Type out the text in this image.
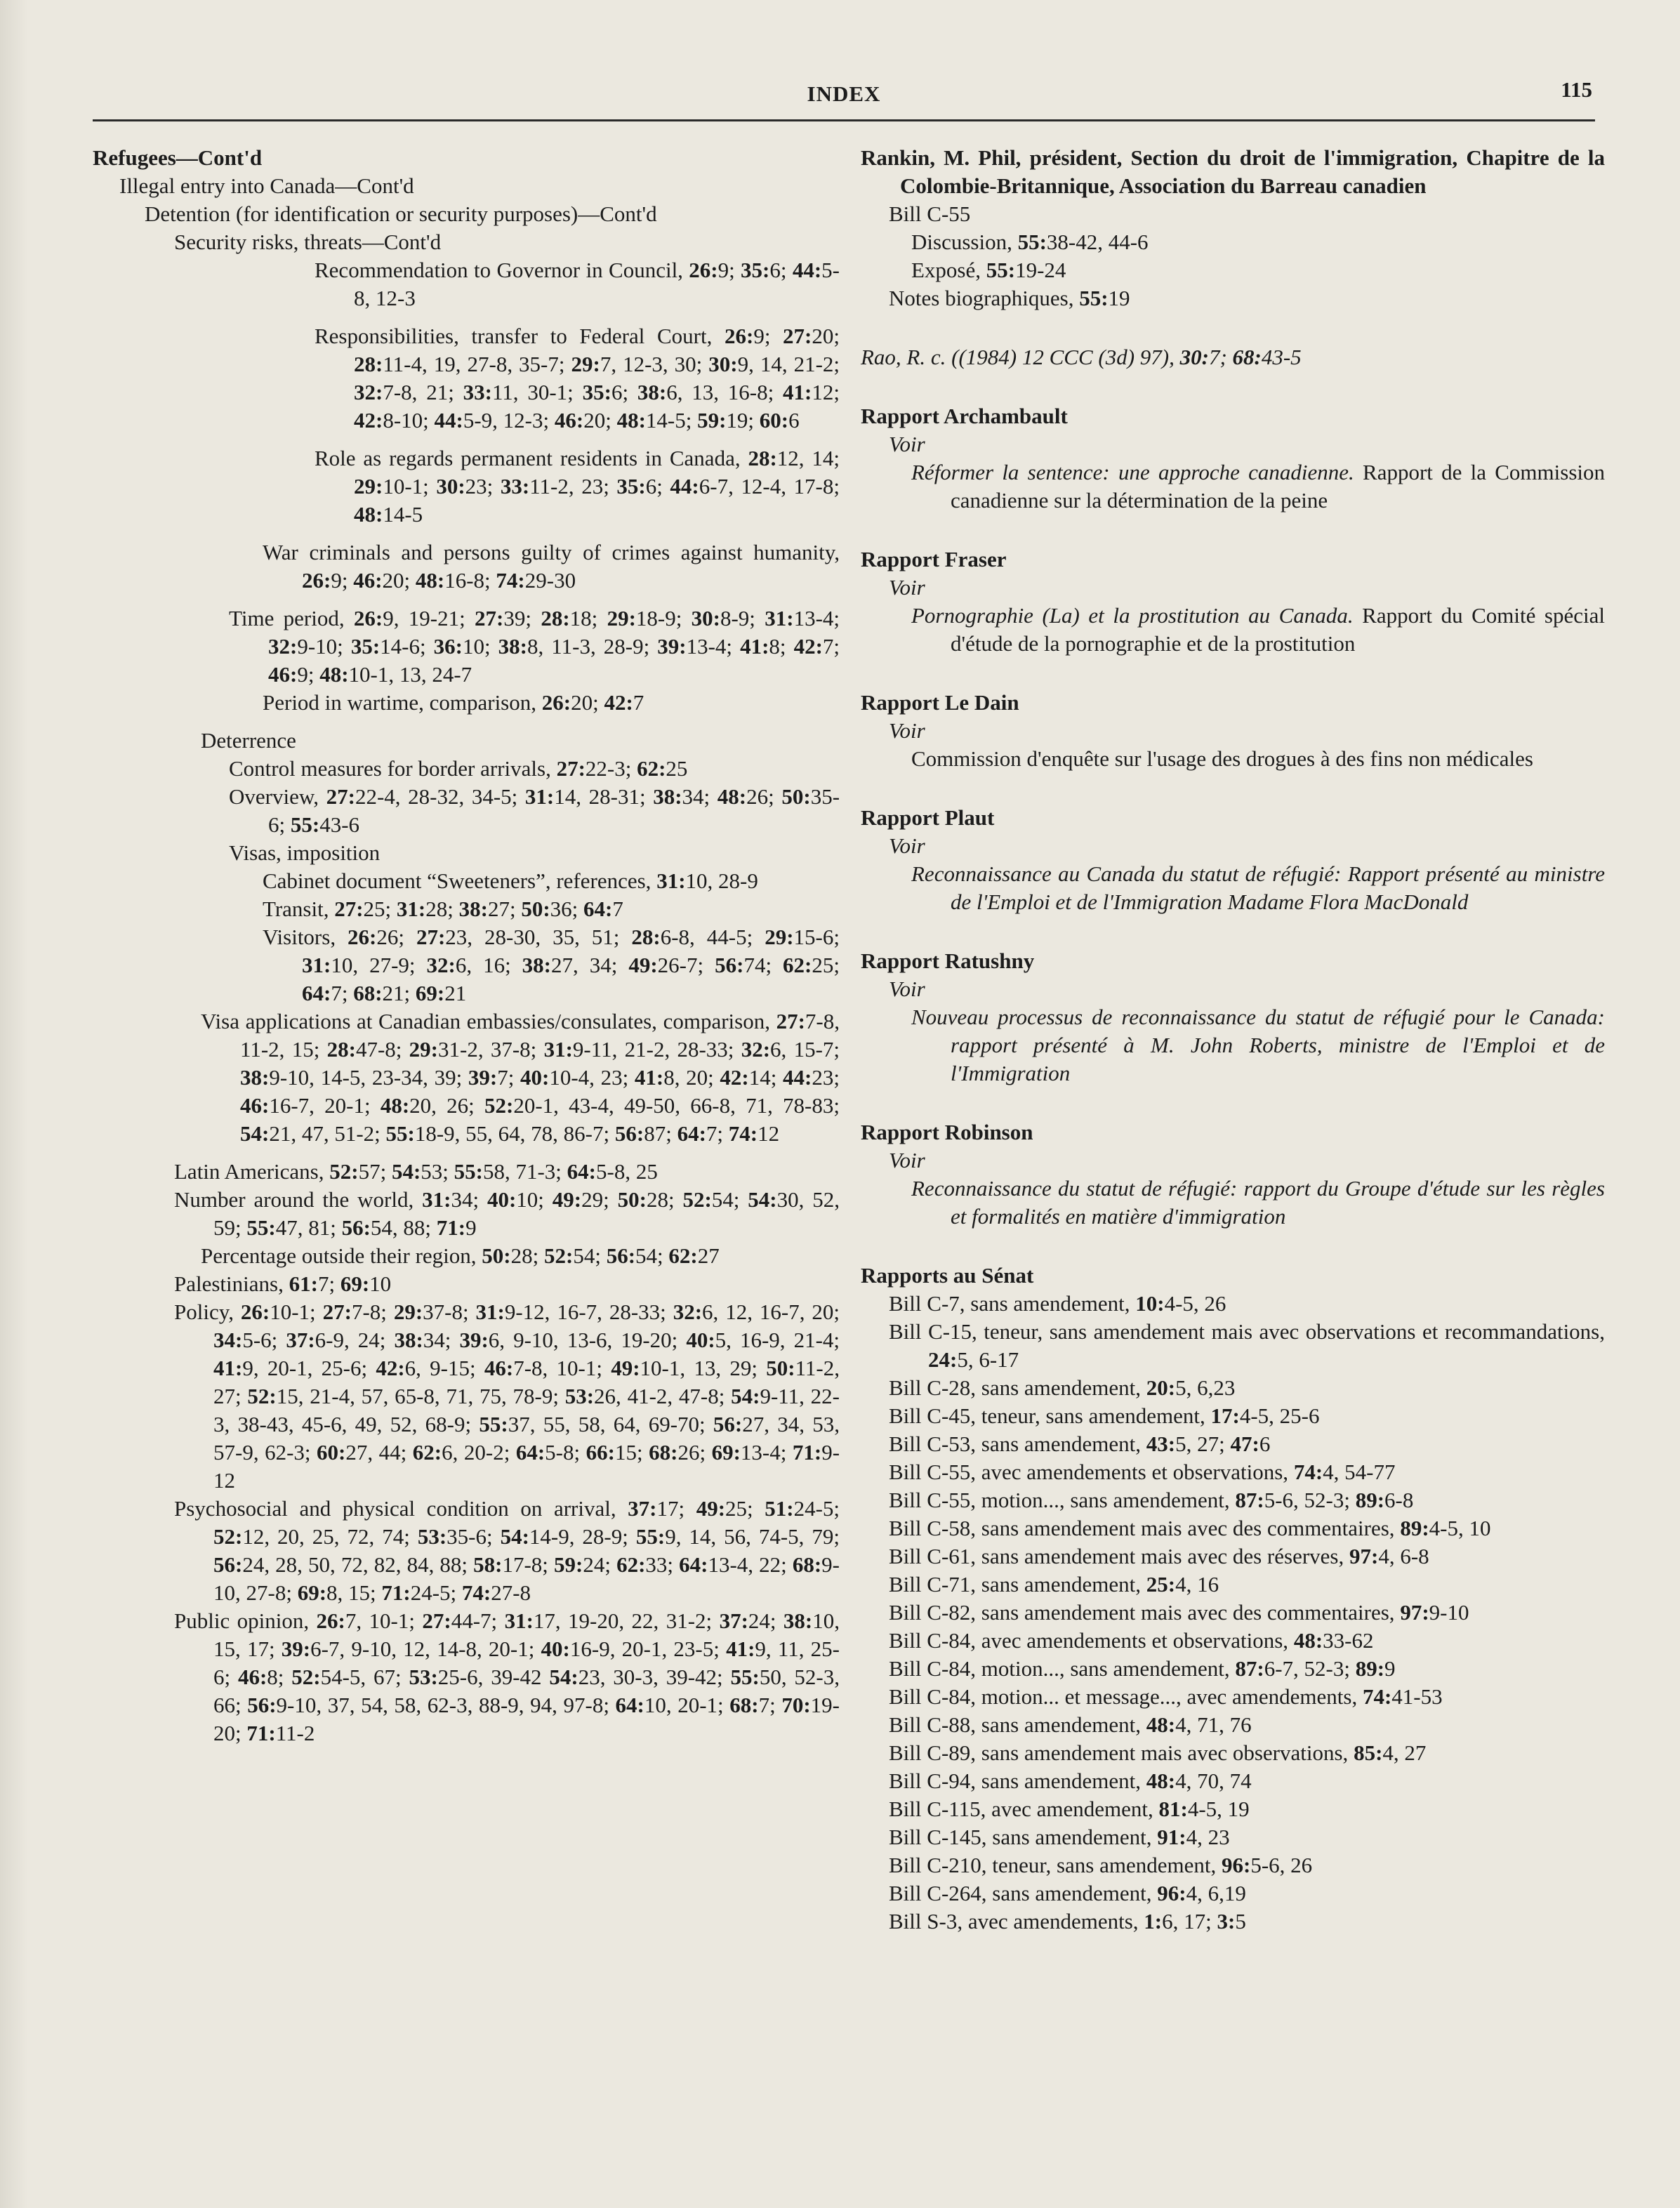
INDEX	115
Refugees—Cont'd
Illegal entry into Canada—Cont'd
Detention (for identification or security purposes)—Cont'd
Security risks, threats—Cont'd
Recommendation to Governor in Council, 26:9; 35:6; 44:5-8, 12-3
Responsibilities, transfer to Federal Court, 26:9; 27:20; 28:11-4, 19, 27-8, 35-7; 29:7, 12-3, 30; 30:9, 14, 21-2; 32:7-8, 21; 33:11, 30-1; 35:6; 38:6, 13, 16-8; 41:12; 42:8-10; 44:5-9, 12-3; 46:20; 48:14-5; 59:19; 60:6
Role as regards permanent residents in Canada, 28:12, 14; 29:10-1; 30:23; 33:11-2, 23; 35:6; 44:6-7, 12-4, 17-8; 48:14-5
War criminals and persons guilty of crimes against humanity, 26:9; 46:20; 48:16-8; 74:29-30
Time period, 26:9, 19-21; 27:39; 28:18; 29:18-9; 30:8-9; 31:13-4; 32:9-10; 35:14-6; 36:10; 38:8, 11-3, 28-9; 39:13-4; 41:8; 42:7; 46:9; 48:10-1, 13, 24-7
Period in wartime, comparison, 26:20; 42:7
Deterrence
Control measures for border arrivals, 27:22-3; 62:25
Overview, 27:22-4, 28-32, 34-5; 31:14, 28-31; 38:34; 48:26; 50:35-6; 55:43-6
Visas, imposition
Cabinet document “Sweeteners”, references, 31:10, 28-9
Transit, 27:25; 31:28; 38:27; 50:36; 64:7
Visitors, 26:26; 27:23, 28-30, 35, 51; 28:6-8, 44-5; 29:15-6; 31:10, 27-9; 32:6, 16; 38:27, 34; 49:26-7; 56:74; 62:25; 64:7; 68:21; 69:21
Visa applications at Canadian embassies/consulates, comparison, 27:7-8, 11-2, 15; 28:47-8; 29:31-2, 37-8; 31:9-11, 21-2, 28-33; 32:6, 15-7; 38:9-10, 14-5, 23-34, 39; 39:7; 40:10-4, 23; 41:8, 20; 42:14; 44:23; 46:16-7, 20-1; 48:20, 26; 52:20-1, 43-4, 49-50, 66-8, 71, 78-83; 54:21, 47, 51-2; 55:18-9, 55, 64, 78, 86-7; 56:87; 64:7; 74:12
Latin Americans, 52:57; 54:53; 55:58, 71-3; 64:5-8, 25
Number around the world, 31:34; 40:10; 49:29; 50:28; 52:54; 54:30, 52, 59; 55:47, 81; 56:54, 88; 71:9
Percentage outside their region, 50:28; 52:54; 56:54; 62:27
Palestinians, 61:7; 69:10
Policy, 26:10-1; 27:7-8; 29:37-8; 31:9-12, 16-7, 28-33; 32:6, 12, 16-7, 20; 34:5-6; 37:6-9, 24; 38:34; 39:6, 9-10, 13-6, 19-20; 40:5, 16-9, 21-4; 41:9, 20-1, 25-6; 42:6, 9-15; 46:7-8, 10-1; 49:10-1, 13, 29; 50:11-2, 27; 52:15, 21-4, 57, 65-8, 71, 75, 78-9; 53:26, 41-2, 47-8; 54:9-11, 22-3, 38-43, 45-6, 49, 52, 68-9; 55:37, 55, 58, 64, 69-70; 56:27, 34, 53, 57-9, 62-3; 60:27, 44; 62:6, 20-2; 64:5-8; 66:15; 68:26; 69:13-4; 71:9-12
Psychosocial and physical condition on arrival, 37:17; 49:25; 51:24-5; 52:12, 20, 25, 72, 74; 53:35-6; 54:14-9, 28-9; 55:9, 14, 56, 74-5, 79; 56:24, 28, 50, 72, 82, 84, 88; 58:17-8; 59:24; 62:33; 64:13-4, 22; 68:9-10, 27-8; 69:8, 15; 71:24-5; 74:27-8
Public opinion, 26:7, 10-1; 27:44-7; 31:17, 19-20, 22, 31-2; 37:24; 38:10, 15, 17; 39:6-7, 9-10, 12, 14-8, 20-1; 40:16-9, 20-1, 23-5; 41:9, 11, 25-6; 46:8; 52:54-5, 67; 53:25-6, 39-42 54:23, 30-3, 39-42; 55:50, 52-3, 66; 56:9-10, 37, 54, 58, 62-3, 88-9, 94, 97-8; 64:10, 20-1; 68:7; 70:19-20; 71:11-2
Rankin, M. Phil, président, Section du droit de l'immigration, Chapitre de la Colombie-Britannique, Association du Barreau canadien
Bill C-55
Discussion, 55:38-42, 44-6
Exposé, 55:19-24
Notes biographiques, 55:19
Rao, R. c. ((1984) 12 CCC (3d) 97), 30:7; 68:43-5
Rapport Archambault
Voir
Réformer la sentence: une approche canadienne. Rapport de la Commission canadienne sur la détermination de la peine
Rapport Fraser
Voir
Pornographie (La) et la prostitution au Canada. Rapport du Comité spécial d'étude de la pornographie et de la prostitution
Rapport Le Dain
Voir
Commission d'enquête sur l'usage des drogues à des fins non médicales
Rapport Plaut
Voir
Reconnaissance au Canada du statut de réfugié: Rapport présenté au ministre de l'Emploi et de l'Immigration Madame Flora MacDonald
Rapport Ratushny
Voir
Nouveau processus de reconnaissance du statut de réfugié pour le Canada: rapport présenté à M. John Roberts, ministre de l'Emploi et de l'Immigration
Rapport Robinson
Voir
Reconnaissance du statut de réfugié: rapport du Groupe d'étude sur les règles et formalités en matière d'immigration
Rapports au Sénat
Bill C-7, sans amendement, 10:4-5, 26
Bill C-15, teneur, sans amendement mais avec observations et recommandations, 24:5, 6-17
Bill C-28, sans amendement, 20:5, 6,23
Bill C-45, teneur, sans amendement, 17:4-5, 25-6
Bill C-53, sans amendement, 43:5, 27; 47:6
Bill C-55, avec amendements et observations, 74:4, 54-77
Bill C-55, motion..., sans amendement, 87:5-6, 52-3; 89:6-8
Bill C-58, sans amendement mais avec des commentaires, 89:4-5, 10
Bill C-61, sans amendement mais avec des réserves, 97:4, 6-8
Bill C-71, sans amendement, 25:4, 16
Bill C-82, sans amendement mais avec des commentaires, 97:9-10
Bill C-84, avec amendements et observations, 48:33-62
Bill C-84, motion..., sans amendement, 87:6-7, 52-3; 89:9
Bill C-84, motion... et message..., avec amendements, 74:41-53
Bill C-88, sans amendement, 48:4, 71, 76
Bill C-89, sans amendement mais avec observations, 85:4, 27
Bill C-94, sans amendement, 48:4, 70, 74
Bill C-115, avec amendement, 81:4-5, 19
Bill C-145, sans amendement, 91:4, 23
Bill C-210, teneur, sans amendement, 96:5-6, 26
Bill C-264, sans amendement, 96:4, 6,19
Bill S-3, avec amendements, 1:6, 17; 3:5
